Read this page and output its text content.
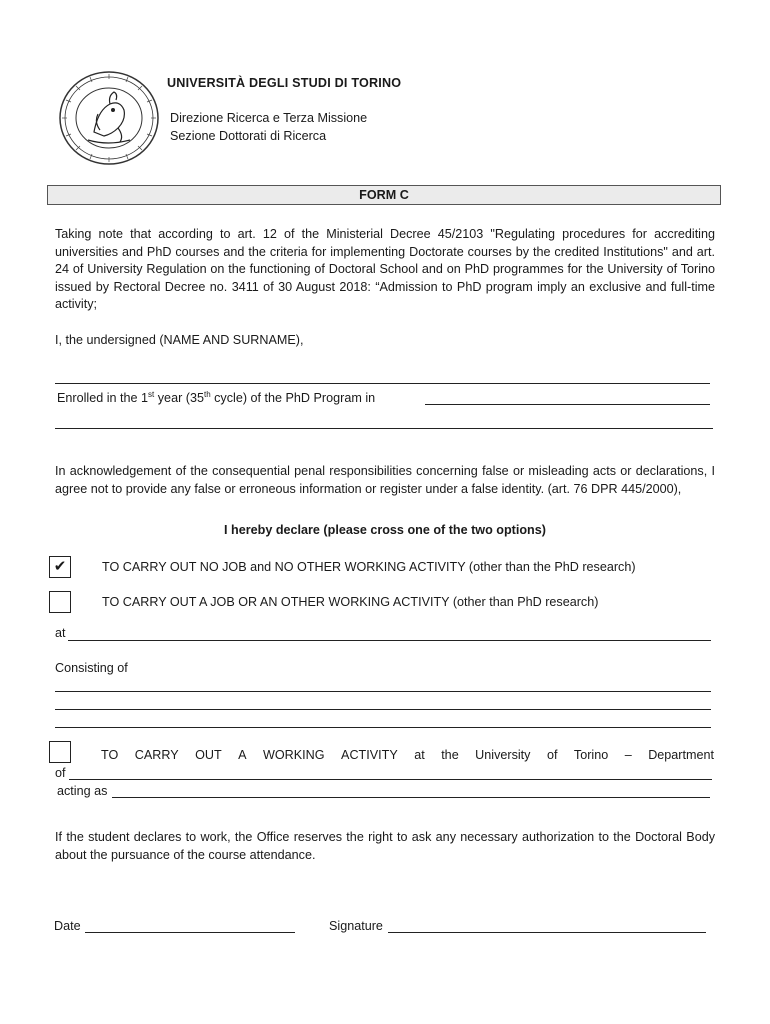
UNIVERSITÀ DEGLI STUDI DI TORINO
Direzione Ricerca e Terza Missione
Sezione Dottorati di Ricerca
FORM C
Taking note that according to art. 12 of the Ministerial Decree 45/2103 "Regulating procedures for accrediting universities and PhD courses and the criteria for implementing Doctorate courses by the credited Institutions" and art. 24 of University Regulation on the functioning of Doctoral School and on PhD programmes for the University of Torino issued by Rectoral Decree no. 3411 of 30 August 2018: “Admission to PhD program imply an exclusive and full-time activity;
I, the undersigned (NAME AND SURNAME),
Enrolled in the 1st year (35th cycle) of the PhD Program in
In acknowledgement of the consequential penal responsibilities concerning false or misleading acts or declarations, I agree not to provide any false or erroneous information or register under a false identity. (art. 76 DPR 445/2000),
I hereby declare (please cross one of the two options)
✔	TO CARRY OUT NO JOB and NO OTHER WORKING ACTIVITY (other than the PhD research)
TO CARRY OUT A JOB OR AN OTHER WORKING ACTIVITY (other than PhD research)
at
Consisting of
TO CARRY OUT A WORKING ACTIVITY at the University of Torino – Department
of
acting as
If the student declares to work, the Office reserves the right to ask any necessary authorization to the Doctoral Body about the pursuance of the course attendance.
Date	Signature
